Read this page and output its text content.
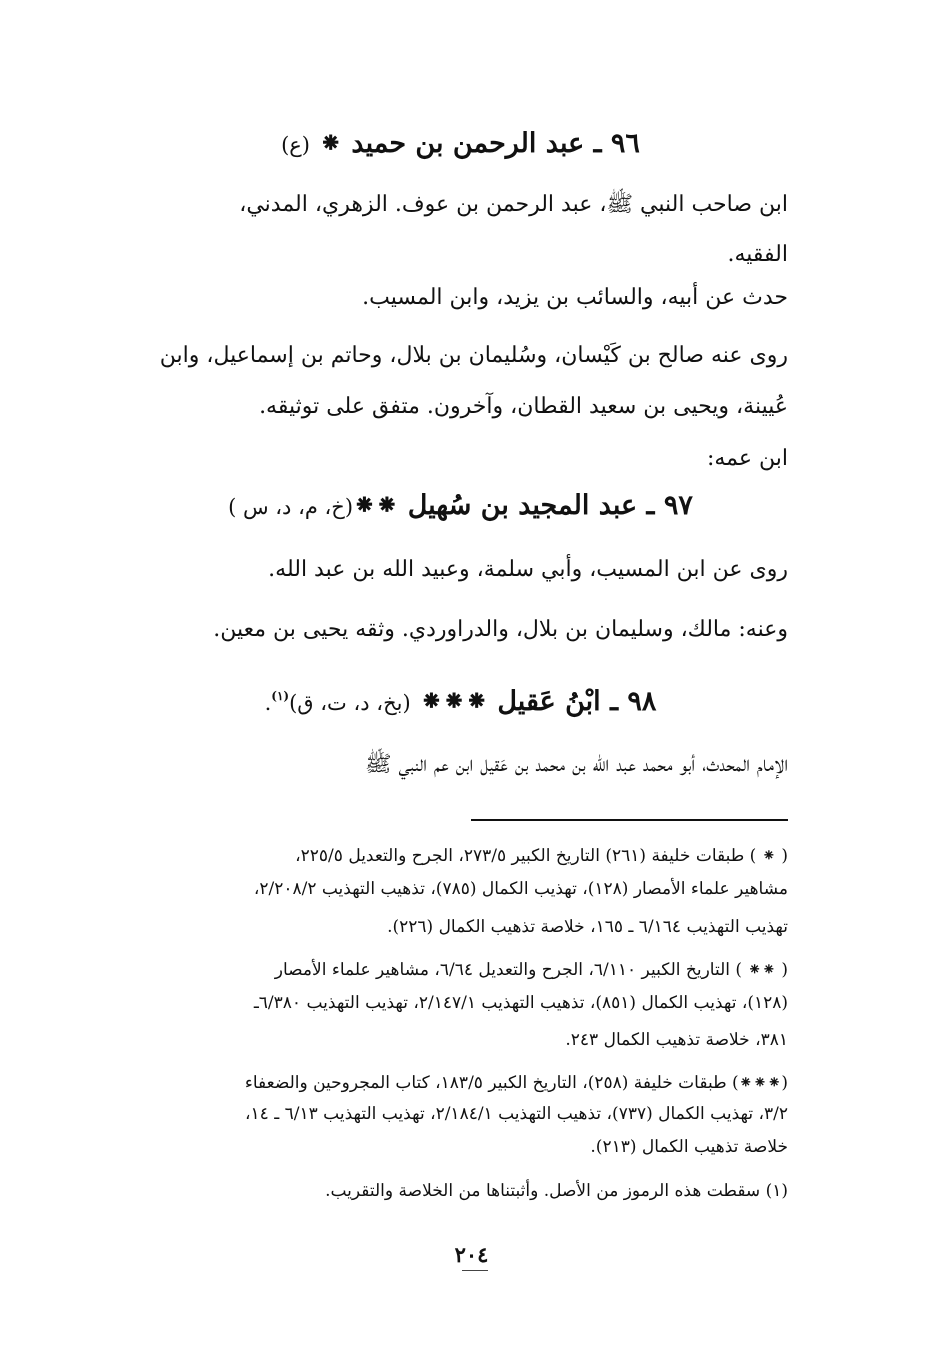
٩٦ ـ عبد الرحمن بن حميد ⁕ (ع)
ابن صاحب النبي ﷺ، عبد الرحمن بن عوف. الزهري، المدني،
الفقيه.
حدث عن أبيه، والسائب بن يزيد، وابن المسيب.
روى عنه صالح بن كَيْسان، وسُليمان بن بلال، وحاتم بن إسماعيل، وابن
عُيينة، ويحيى بن سعيد القطان، وآخرون. متفق على توثيقه.
ابن عمه:
٩٧ ـ عبد المجيد بن سُهيل ⁕⁕(خ، م، د، س )
روى عن ابن المسيب، وأبي سلمة، وعبيد الله بن عبد الله.
وعنه: مالك، وسليمان بن بلال، والدراوردي. وثقه يحيى بن معين.
٩٨ ـ ابْنُ عَقيل ⁕⁕⁕ (بخ، د، ت، ق)$^{(١)}$.
الإمام المحدث، أبو محمد عبد الله بن محمد بن عَقيل ابن عم النبي ﷺ
( ⁕ ) طبقات خليفة (٢٦١) التاريخ الكبير ٢٧٣/٥، الجرح والتعديل ٢٢٥/٥،
مشاهير علماء الأمصار (١٢٨)، تهذيب الكمال (٧٨٥)، تذهيب التهذيب ٢/٢٠٨/٢،
تهذيب التهذيب ٦/١٦٤ ـ ١٦٥، خلاصة تذهيب الكمال (٢٢٦).
( ⁕⁕ ) التاريخ الكبير ٦/١١٠، الجرح والتعديل ٦/٦٤، مشاهير علماء الأمصار
(١٢٨)، تهذيب الكمال (٨٥١)، تذهيب التهذيب ٢/١٤٧/١، تهذيب التهذيب ٦/٣٨٠ـ
٣٨١، خلاصة تذهيب الكمال ٢٤٣.
(⁕⁕⁕) طبقات خليفة (٢٥٨)، التاريخ الكبير ١٨٣/٥، كتاب المجروحين والضعفاء
٣/٢، تهذيب الكمال (٧٣٧)، تذهيب التهذيب ٢/١٨٤/١، تهذيب التهذيب ٦/١٣ ـ ١٤،
خلاصة تذهيب الكمال (٢١٣).
(١) سقطت هذه الرموز من الأصل. وأثبتناها من الخلاصة والتقريب.
٢٠٤
